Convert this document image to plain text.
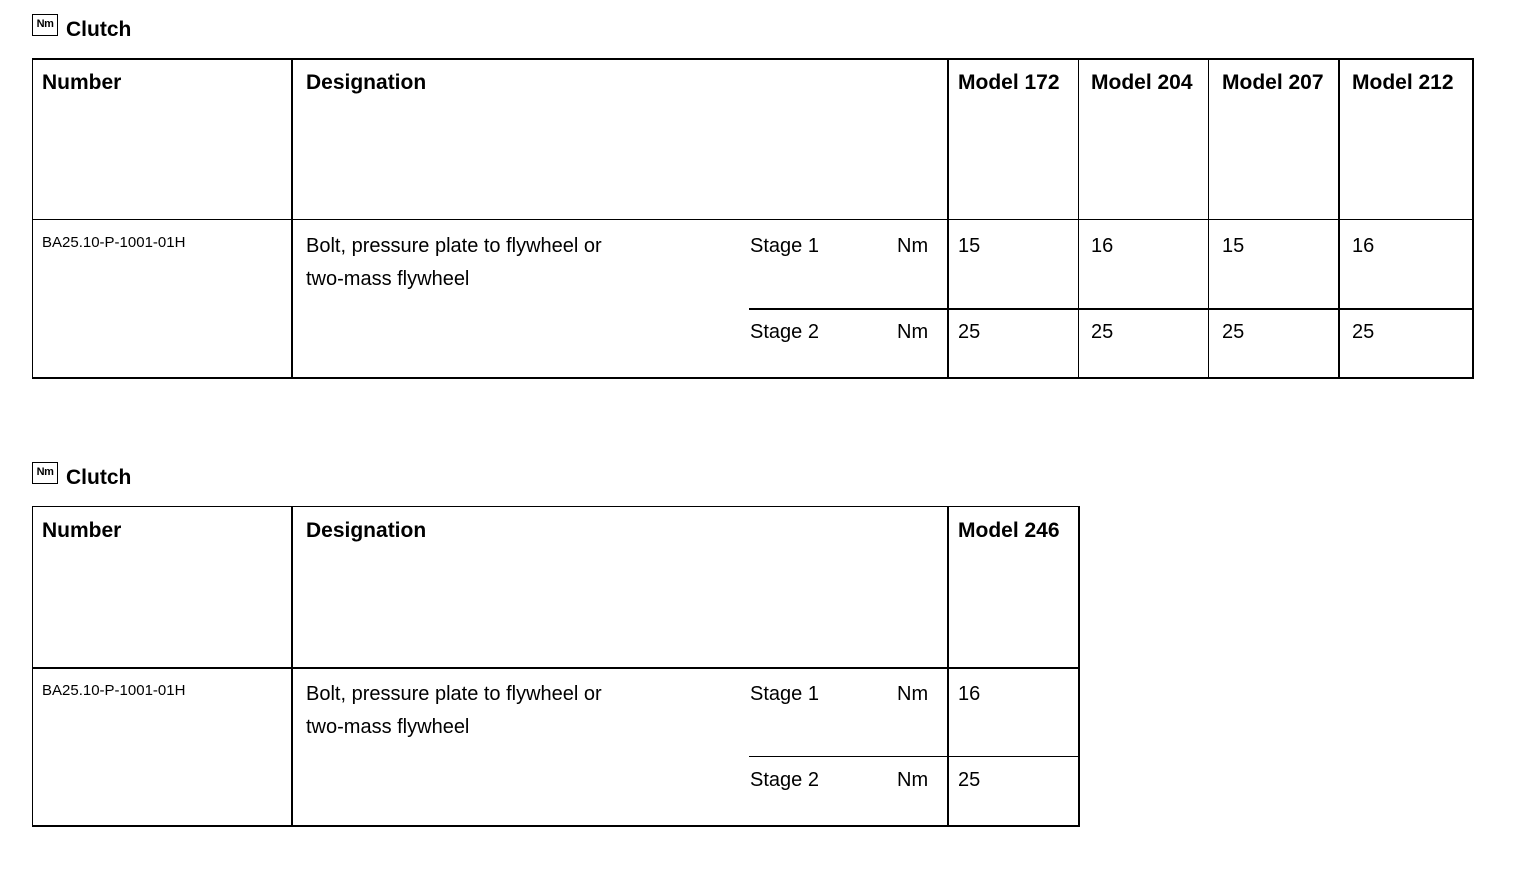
Nm Clutch
Number	Designation	Model 172	Model 204	Model 207	Model 212
BA25.10-P-1001-01H	Bolt, pressure plate to flywheel or two-mass flywheel
Stage 1	Nm	15	16	15	16
Stage 2	Nm	25	25	25	25
Nm Clutch
Number	Designation	Model 246
BA25.10-P-1001-01H	Bolt, pressure plate to flywheel or two-mass flywheel
Stage 1	Nm	16
Stage 2	Nm	25
